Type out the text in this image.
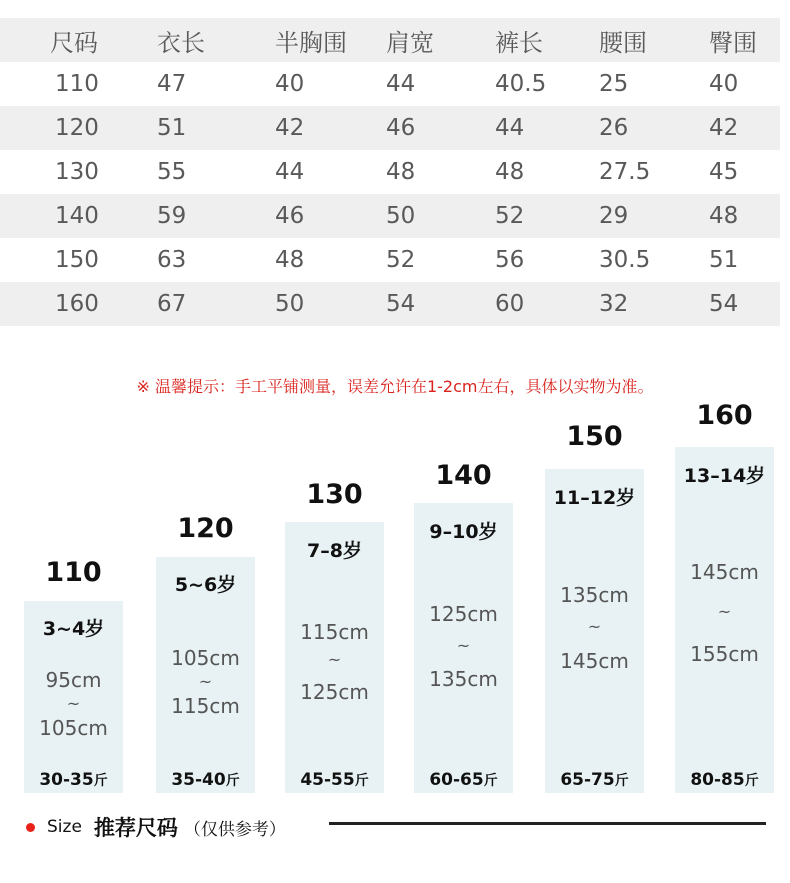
尺码	衣长	半胸围	肩宽	裤长	腰围	臀围
110	47	40	44	40.5	25	40
120	51	42	46	44	26	42
130	55	44	48	48	27.5	45
140	59	46	50	52	29	48
150	63	48	52	56	30.5	51
160	67	50	54	60	32	54
※ 温馨提示：手工平铺测量，误差允许在1-2cm左右，具体以实物为准。
110
3~4岁
95cm
~
105cm
30-35斤
120
5~6岁
105cm
~
115cm
35-40斤
130
7–8岁
115cm
~
125cm
45-55斤
140
9–10岁
125cm
~
135cm
60-65斤
150
11–12岁
135cm
~
145cm
65-75斤
160
13–14岁
145cm
~
155cm
80-85斤
Size 推荐尺码 （仅供参考）
